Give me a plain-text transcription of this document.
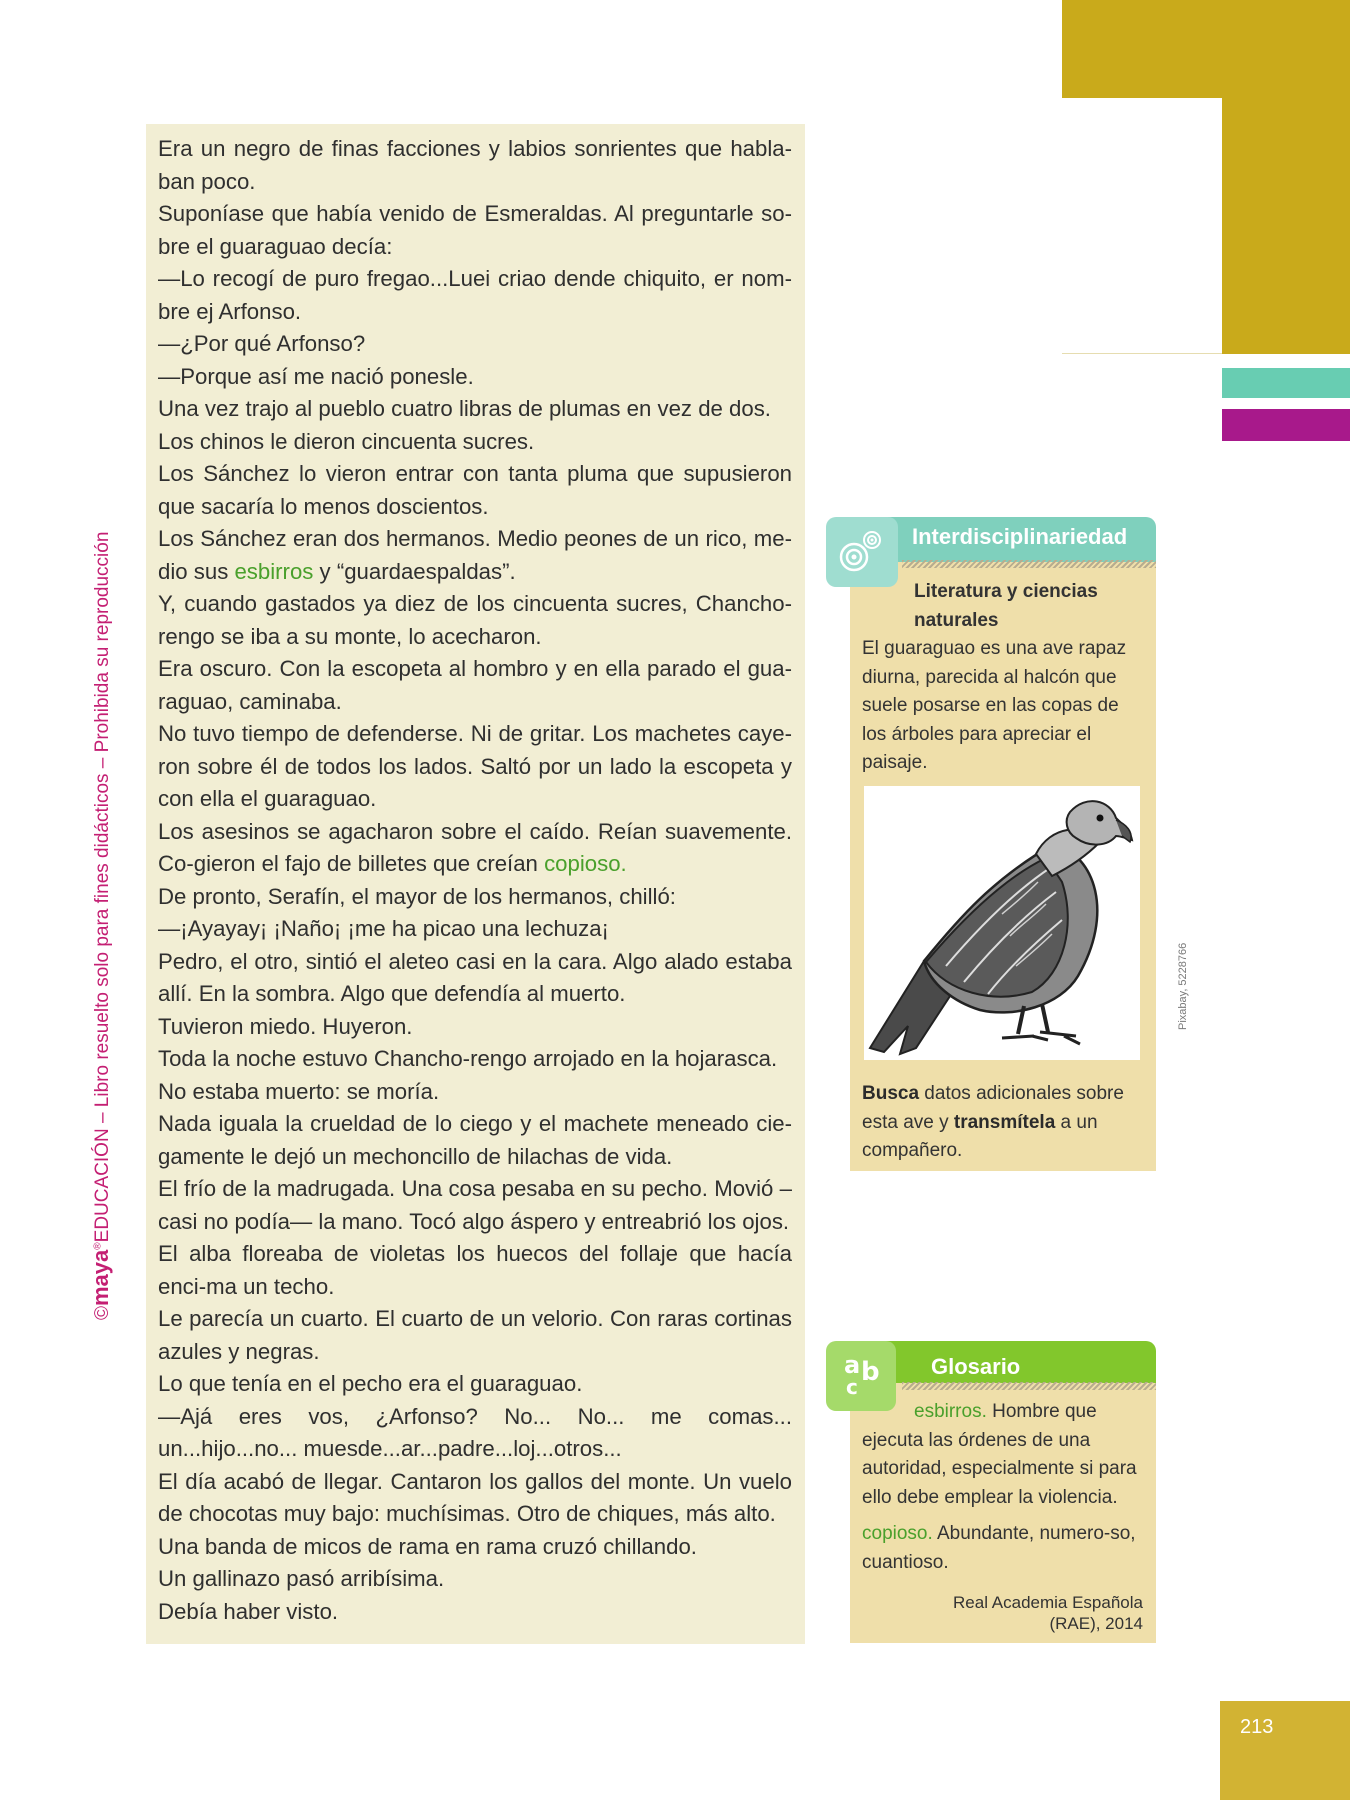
©maya®EDUCACIÓN – Libro resuelto solo para fines didácticos – Prohibida su reproducción

Era un negro de finas facciones y labios sonrientes que habla-ban poco.

Suponíase que había venido de Esmeraldas. Al preguntarle so-bre el guaraguao decía:

—Lo recogí de puro fregao...Luei criao dende chiquito, er nom-bre ej Arfonso.

—¿Por qué Arfonso?

—Porque así me nació ponesle.

Una vez trajo al pueblo cuatro libras de plumas en vez de dos.

Los chinos le dieron cincuenta sucres.

Los Sánchez lo vieron entrar con tanta pluma que supusieron que sacaría lo menos doscientos.

Los Sánchez eran dos hermanos. Medio peones de un rico, me-dio sus esbirros y “guardaespaldas”.

Y, cuando gastados ya diez de los cincuenta sucres, Chancho-rengo se iba a su monte, lo acecharon.

Era oscuro. Con la escopeta al hombro y en ella parado el gua-raguao, caminaba.

No tuvo tiempo de defenderse. Ni de gritar. Los machetes caye-ron sobre él de todos los lados. Saltó por un lado la escopeta y con ella el guaraguao.

Los asesinos se agacharon sobre el caído. Reían suavemente. Co-gieron el fajo de billetes que creían copioso.

De pronto, Serafín, el mayor de los hermanos, chilló:

—¡Ayayay¡ ¡Naño¡ ¡me ha picao una lechuza¡

Pedro, el otro, sintió el aleteo casi en la cara. Algo alado estaba allí. En la sombra. Algo que defendía al muerto.

Tuvieron miedo. Huyeron.

Toda la noche estuvo Chancho-rengo arrojado en la hojarasca.

No estaba muerto: se moría.

Nada iguala la crueldad de lo ciego y el machete meneado cie-gamente le dejó un mechoncillo de hilachas de vida.

El frío de la madrugada. Una cosa pesaba en su pecho. Movió –casi no podía— la mano. Tocó algo áspero y entreabrió los ojos.

El alba floreaba de violetas los huecos del follaje que hacía enci-ma un techo.

Le parecía un cuarto. El cuarto de un velorio. Con raras cortinas azules y negras.

Lo que tenía en el pecho era el guaraguao.

—Ajá eres vos, ¿Arfonso? No... No... me comas... un...hijo...no... muesde...ar...padre...loj...otros...

El día acabó de llegar. Cantaron los gallos del monte. Un vuelo de chocotas muy bajo: muchísimas. Otro de chiques, más alto.

Una banda de micos de rama en rama cruzó chillando.

Un gallinazo pasó arribísima.

Debía haber visto.

Interdisciplinariedad

Literatura y ciencias naturales

El guaraguao es una ave rapaz diurna, parecida al halcón que suele posarse en las copas de los árboles para apreciar el paisaje.

Pixabay, 5228766

Busca datos adicionales sobre esta ave y transmítela a un compañero.

a b
c
Glosario

esbirros. Hombre que ejecuta las órdenes de una autoridad, especialmente si para ello debe emplear la violencia.

copioso. Abundante, numero-so, cuantioso.

Real Academia Española
(RAE), 2014

213
